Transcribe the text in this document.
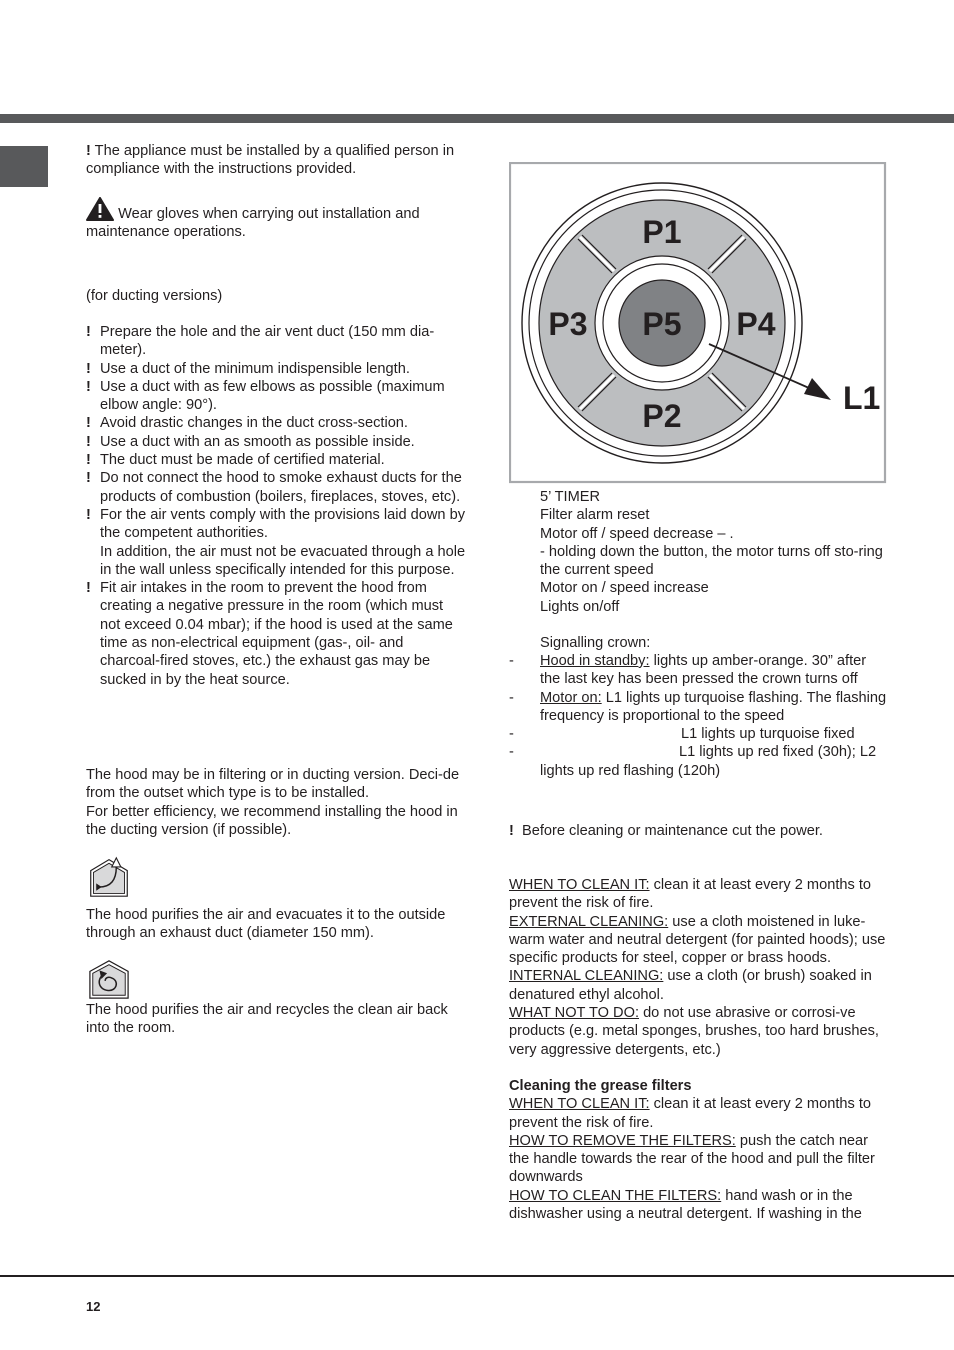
! The appliance must be installed by a qualified person in compliance with the instructions provided.
Wear gloves when carrying out installation and maintenance operations.
(for ducting versions)
! Prepare the hole and the air vent duct (150 mm dia-meter).
! Use a duct of the minimum indispensible length.
! Use a duct with as few elbows as possible (maximum elbow angle: 90°).
! Avoid drastic changes in the duct cross-section.
! Use a duct with an as smooth as possible inside.
! The duct must be made of certified material.
! Do not connect the hood to smoke exhaust ducts for the products of combustion (boilers, fireplaces, stoves, etc).
! For the air vents comply with the provisions laid down by the competent authorities.
In addition, the air must not be evacuated through a hole in the wall unless specifically intended for this purpose.
! Fit air intakes in the room to prevent the hood from creating a negative pressure in the room (which must not exceed 0.04 mbar); if the hood is used at the same time as non-electrical equipment (gas-, oil- and charcoal-fired stoves, etc.) the exhaust gas may be sucked in by the heat source.
The hood may be in filtering or in ducting version. Deci-de from the outset which type is to be installed.
For better efficiency, we recommend installing the hood in the ducting version (if possible).
The hood purifies the air and evacuates it to the outside through an exhaust duct (diameter 150 mm).
The hood purifies the air and recycles the clean air back into the room.
P1
P2
P3	P4
P5
L1
5’ TIMER
Filter alarm reset
Motor off / speed decrease – .
- holding down the button, the motor turns off sto-ring the current speed
Motor on / speed increase
Lights on/off
Signalling crown:
- Hood in standby: lights up amber-orange. 30” after the last key has been pressed the crown turns off
- Motor on: L1 lights up turquoise flashing. The flashing frequency is proportional to the speed
-	L1 lights up turquoise fixed
-	L1 lights up red fixed (30h); L2 lights up red flashing (120h)
! Before cleaning or maintenance cut the power.
WHEN TO CLEAN IT: clean it at least every 2 months to prevent the risk of fire.
EXTERNAL CLEANING: use a cloth moistened in luke-warm water and neutral detergent (for painted hoods); use specific products for steel, copper or brass hoods.
INTERNAL CLEANING: use a cloth (or brush) soaked in denatured ethyl alcohol.
WHAT NOT TO DO: do not use abrasive or corrosi-ve products (e.g. metal sponges, brushes, too hard brushes, very aggressive detergents, etc.)
Cleaning the grease filters
WHEN TO CLEAN IT: clean it at least every 2 months to prevent the risk of fire.
HOW TO REMOVE THE FILTERS: push the catch near the handle towards the rear of the hood and pull the filter downwards
HOW TO CLEAN THE FILTERS: hand wash or in the dishwasher using a neutral detergent. If washing in the
12
